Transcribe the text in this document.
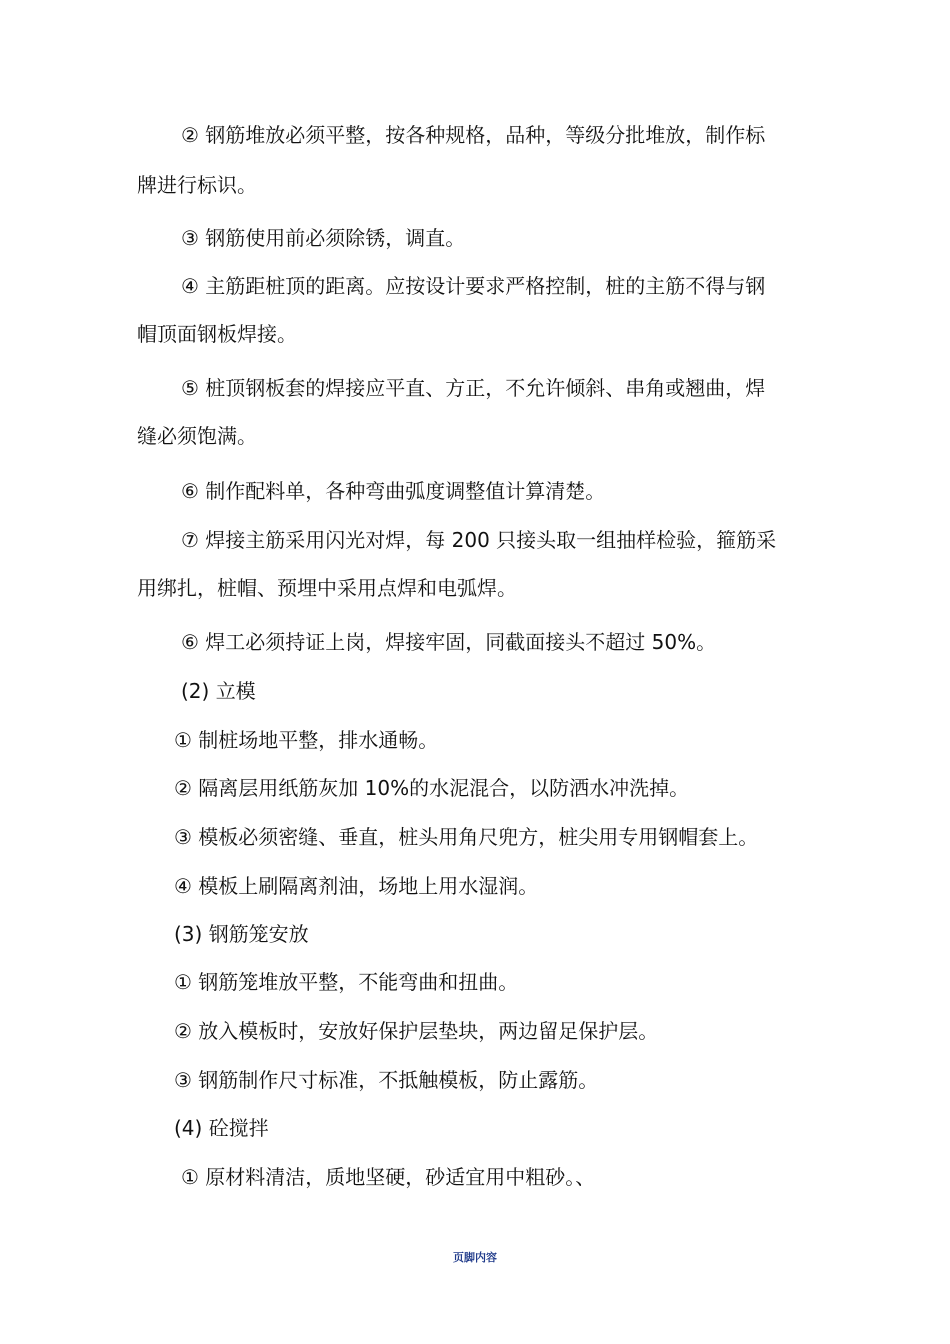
② 钢筋堆放必须平整，按各种规格，品种，等级分批堆放，制作标
牌进行标识。
③ 钢筋使用前必须除锈，调直。
④ 主筋距桩顶的距离。应按设计要求严格控制，桩的主筋不得与钢
帽顶面钢板焊接。
⑤ 桩顶钢板套的焊接应平直、方正，不允许倾斜、串角或翘曲，焊
缝必须饱满。
⑥ 制作配料单，各种弯曲弧度调整值计算清楚。
⑦ 焊接主筋采用闪光对焊，每 200 只接头取一组抽样检验，箍筋采
用绑扎，桩帽、预埋中采用点焊和电弧焊。
⑥ 焊工必须持证上岗，焊接牢固，同截面接头不超过 50%。
(2) 立模
① 制桩场地平整，排水通畅。
② 隔离层用纸筋灰加 10%的水泥混合，以防洒水冲洗掉。
③ 模板必须密缝、垂直，桩头用角尺兜方，桩尖用专用钢帽套上。
④ 模板上刷隔离剂油，场地上用水湿润。
(3) 钢筋笼安放
① 钢筋笼堆放平整，不能弯曲和扭曲。
② 放入模板时，安放好保护层垫块，两边留足保护层。
③ 钢筋制作尺寸标准，不抵触模板，防止露筋。
(4) 砼搅拌
① 原材料清洁，质地坚硬，砂适宜用中粗砂。、
页脚内容
